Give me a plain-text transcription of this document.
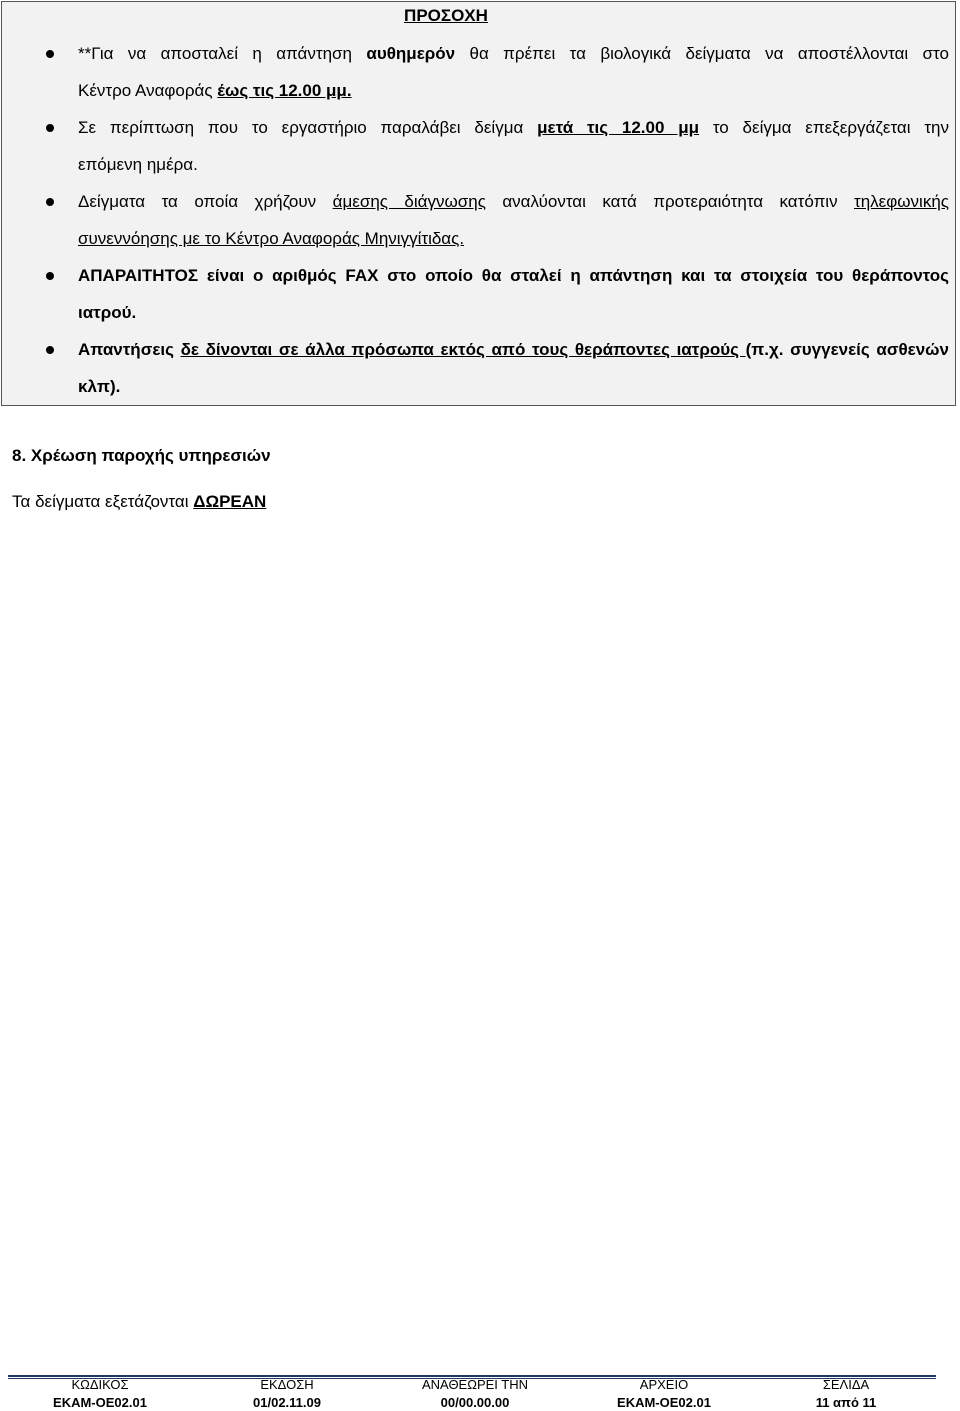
ΠΡΟΣΟΧΗ
**Για να αποσταλεί η απάντηση αυθημερόν θα πρέπει τα βιολογικά δείγματα να αποστέλλονται στο
Κέντρο Αναφοράς έως τις 12.00 μμ.
Σε περίπτωση που το εργαστήριο παραλάβει δείγμα μετά τις 12.00 μμ το δείγμα επεξεργάζεται την
επόμενη ημέρα.
Δείγματα τα οποία χρήζουν άμεσης διάγνωσης αναλύονται κατά προτεραιότητα κατόπιν τηλεφωνικής
συνεννόησης με το Κέντρο Αναφοράς Μηνιγγίτιδας.
ΑΠΑΡΑΙΤΗΤΟΣ είναι ο αριθμός FAX στο οποίο θα σταλεί η απάντηση και τα στοιχεία του θεράποντος
ιατρού.
Απαντήσεις δε δίνονται σε άλλα πρόσωπα εκτός από τους θεράποντες ιατρούς (π.χ. συγγενείς ασθενών
κλπ).
8. Χρέωση παροχής υπηρεσιών
Τα δείγματα εξετάζονται ΔΩΡΕΑΝ
ΚΩΔΙΚΟΣ
ΕΚΑΜ-ΟΕ02.01
ΕΚΔΟΣΗ
01/02.11.09
ΑΝΑΘΕΩΡΕΙ ΤΗΝ
00/00.00.00
ΑΡΧΕΙΟ
ΕΚΑΜ-ΟΕ02.01
ΣΕΛΙΔΑ
11 από 11
